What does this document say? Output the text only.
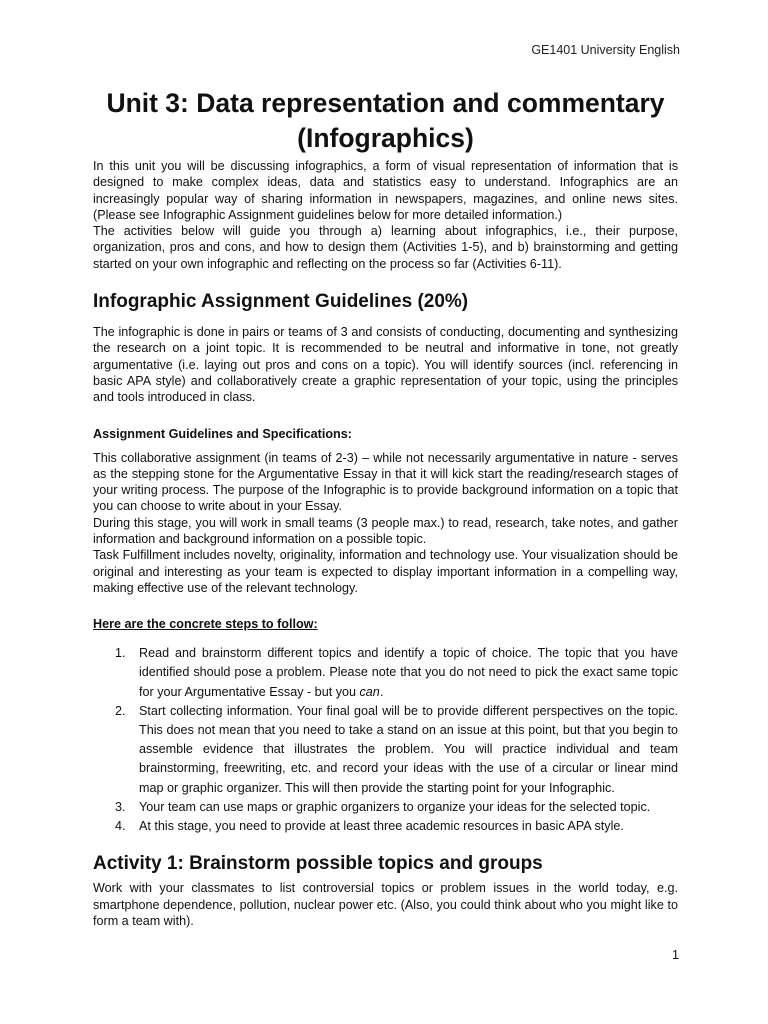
GE1401 University English
Unit 3: Data representation and commentary
(Infographics)

In this unit you will be discussing infographics, a form of visual representation of information that is designed to make complex ideas, data and statistics easy to understand. Infographics are an increasingly popular way of sharing information in newspapers, magazines, and online news sites. (Please see Infographic Assignment guidelines below for more detailed information.)

The activities below will guide you through a) learning about infographics, i.e., their purpose, organization, pros and cons, and how to design them (Activities 1-5), and b) brainstorming and getting started on your own infographic and reflecting on the process so far (Activities 6-11).

Infographic Assignment Guidelines (20%)

The infographic is done in pairs or teams of 3 and consists of conducting, documenting and synthesizing the research on a joint topic. It is recommended to be neutral and informative in tone, not greatly argumentative (i.e. laying out pros and cons on a topic). You will identify sources (incl. referencing in basic APA style) and collaboratively create a graphic representation of your topic, using the principles and tools introduced in class.

Assignment Guidelines and Specifications:

This collaborative assignment (in teams of 2-3) – while not necessarily argumentative in nature - serves as the stepping stone for the Argumentative Essay in that it will kick start the reading/research stages of your writing process. The purpose of the Infographic is to provide background information on a topic that you can choose to write about in your Essay.

During this stage, you will work in small teams (3 people max.) to read, research, take notes, and gather information and background information on a possible topic.

Task Fulfillment includes novelty, originality, information and technology use. Your visualization should be original and interesting as your team is expected to display important information in a compelling way, making effective use of the relevant technology.

Here are the concrete steps to follow:
1. Read and brainstorm different topics and identify a topic of choice. The topic that you have identified should pose a problem. Please note that you do not need to pick the exact same topic for your Argumentative Essay - but you can.
2. Start collecting information. Your final goal will be to provide different perspectives on the topic. This does not mean that you need to take a stand on an issue at this point, but that you begin to assemble evidence that illustrates the problem. You will practice individual and team brainstorming, freewriting, etc. and record your ideas with the use of a circular or linear mind map or graphic organizer. This will then provide the starting point for your Infographic.
3. Your team can use maps or graphic organizers to organize your ideas for the selected topic.
4. At this stage, you need to provide at least three academic resources in basic APA style.
Activity 1: Brainstorm possible topics and groups

Work with your classmates to list controversial topics or problem issues in the world today, e.g. smartphone dependence, pollution, nuclear power etc. (Also, you could think about who you might like to form a team with).

1
